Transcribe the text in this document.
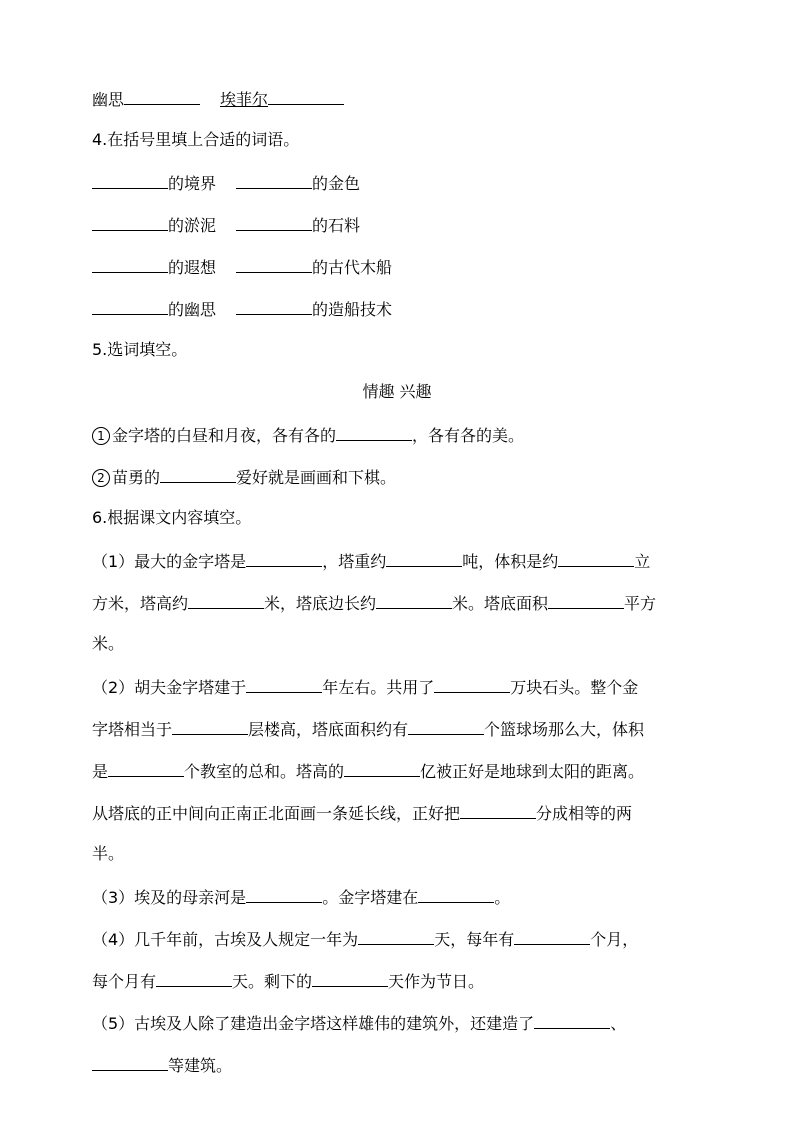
幽思	埃菲尔
4.在括号里填上合适的词语。
的境界	的金色
的淤泥	的石料
的遐想	的古代木船
的幽思	的造船技术
5.选词填空。
情趣 兴趣
1 金字塔的白昼和月夜，各有各的	，各有各的美。
2 苗勇的	爱好就是画画和下棋。
6.根据课文内容填空。
（1）最大的金字塔是	，塔重约	吨，体积是约	立
方米，塔高约	米，塔底边长约	米。塔底面积	平方
米。
（2）胡夫金字塔建于	年左右。共用了	万块石头。整个金
字塔相当于	层楼高，塔底面积约有	个篮球场那么大，体积
是	个教室的总和。塔高的	亿被正好是地球到太阳的距离。
从塔底的正中间向正南正北面画一条延长线，正好把	分成相等的两
半。
（3）埃及的母亲河是	。金字塔建在	。
（4）几千年前，古埃及人规定一年为	天，每年有	个月，
每个月有	天。剩下的	天作为节日。
（5）古埃及人除了建造出金字塔这样雄伟的建筑外，还建造了	、
等建筑。
